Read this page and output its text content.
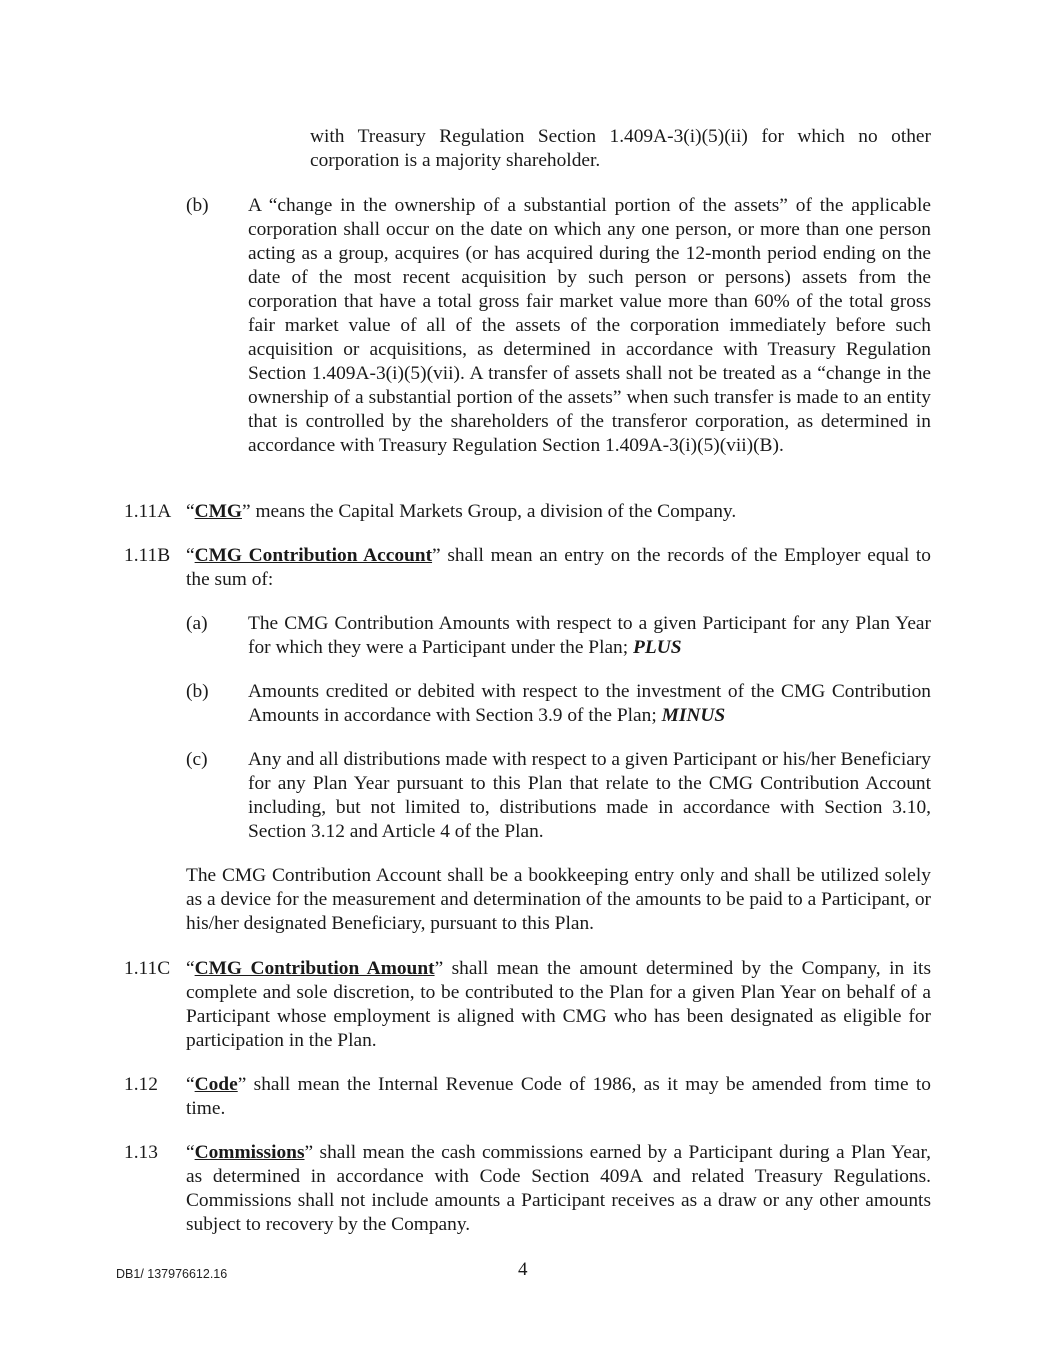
with Treasury Regulation Section 1.409A-3(i)(5)(ii) for which no other corporation is a majority shareholder.
(b) A “change in the ownership of a substantial portion of the assets” of the applicable corporation shall occur on the date on which any one person, or more than one person acting as a group, acquires (or has acquired during the 12-month period ending on the date of the most recent acquisition by such person or persons) assets from the corporation that have a total gross fair market value more than 60% of the total gross fair market value of all of the assets of the corporation immediately before such acquisition or acquisitions, as determined in accordance with Treasury Regulation Section 1.409A-3(i)(5)(vii). A transfer of assets shall not be treated as a “change in the ownership of a substantial portion of the assets” when such transfer is made to an entity that is controlled by the shareholders of the transferor corporation, as determined in accordance with Treasury Regulation Section 1.409A-3(i)(5)(vii)(B).
1.11A “CMG” means the Capital Markets Group, a division of the Company.
1.11B “CMG Contribution Account” shall mean an entry on the records of the Employer equal to the sum of:
(a) The CMG Contribution Amounts with respect to a given Participant for any Plan Year for which they were a Participant under the Plan; PLUS
(b) Amounts credited or debited with respect to the investment of the CMG Contribution Amounts in accordance with Section 3.9 of the Plan; MINUS
(c) Any and all distributions made with respect to a given Participant or his/her Beneficiary for any Plan Year pursuant to this Plan that relate to the CMG Contribution Account including, but not limited to, distributions made in accordance with Section 3.10, Section 3.12 and Article 4 of the Plan.
The CMG Contribution Account shall be a bookkeeping entry only and shall be utilized solely as a device for the measurement and determination of the amounts to be paid to a Participant, or his/her designated Beneficiary, pursuant to this Plan.
1.11C “CMG Contribution Amount” shall mean the amount determined by the Company, in its complete and sole discretion, to be contributed to the Plan for a given Plan Year on behalf of a Participant whose employment is aligned with CMG who has been designated as eligible for participation in the Plan.
1.12 “Code” shall mean the Internal Revenue Code of 1986, as it may be amended from time to time.
1.13 “Commissions” shall mean the cash commissions earned by a Participant during a Plan Year, as determined in accordance with Code Section 409A and related Treasury Regulations. Commissions shall not include amounts a Participant receives as a draw or any other amounts subject to recovery by the Company.
DB1/ 137976612.16	4
